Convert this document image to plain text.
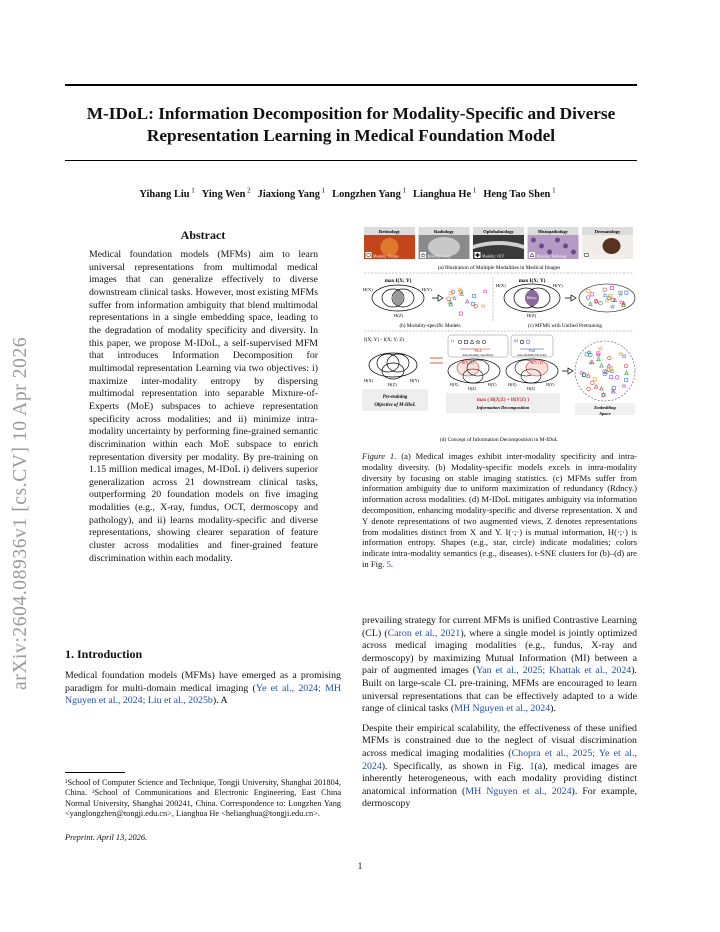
arXiv:2604.08936v1 [cs.CV] 10 Apr 2026
M-IDoL: Information Decomposition for Modality-Specific and Diverse
Representation Learning in Medical Foundation Model
Yihang Liu $^1$ Ying Wen $^2$ Jiaxiong Yang $^1$ Longzhen Yang $^1$ Lianghua He $^1$ Heng Tao Shen $^1$
Abstract

Medical foundation models (MFMs) aim to learn universal representations from multimodal medical images that can generalize effectively to diverse downstream clinical tasks. However, most existing MFMs suffer from information ambiguity that blend multimodal representations in a single embedding space, leading to the degradation of modality specificity and diversity. In this paper, we propose M-IDoL, a self-supervised MFM that introduces Information Decomposition for multimodal representation Learning via two objectives: i) maximize inter-modality entropy by dispersing multimodal representation into separable Mixture-of-Experts (MoE) subspaces to achieve representation specificity across modalities; and ii) minimize intra-modality uncertainty by performing fine-grained semantic discrimination within each MoE subspace to enrich representation diversity per modality. By pre-training on 1.15 million medical images, M-IDoL i) delivers superior generalization across 21 downstream clinical tasks, outperforming 20 foundation models on five imaging modalities (e.g., X-ray, fundus, OCT, dermoscopy and pathology), and ii) learns modality-specific and diverse representations, showing clearer separation of feature cluster across modalities and finer-grained feature discrimination within each modality.

1. Introduction

Medical foundation models (MFMs) have emerged as a promising paradigm for multi-domain medical imaging (Ye et al., 2024; MH Nguyen et al., 2024; Liu et al., 2025b). A

¹School of Computer Science and Technique, Tongji University, Shanghai 201804, China. ²School of Communications and Electronic Engineering, East China Normal University, Shanghai 200241, China. Correspondence to: Longzhen Yang <yanglongzhen@tongji.edu.cn>, Lianghua He <helianghua@tongji.edu.cn>.
Preprint. April 13, 2026.
1
Retinology
Modality: Fundus
Radiology
Modality: X-ray
Ophthalmology
Modality: OCT
Histopathology
Modality: Pathology
Dermatology
Modality: Dermoscopy
(a) Illustration of Multiple Modalities in Medical Images
max I(X; Y)
H(X)	H(Y)
H(Z)
max I(X; Y)
Rdncy.
H(X)	H(Y)
H(Z)
(b) Modality-specific Models	(c) MFMS with Unified Pretraining
I(X; Y) - I(X; Y; Z)
H(X)	H(Y)
H(Z)
Pre-training
Objective of M-IDoL
i)
Push
inter-modality Specificity
ii)
Pull
intra-modality Diversity
H(X | Z)	H(Y | Z)
H(X)	H(Y)
H(Z)
H(X)	H(Y)
H(Z)
max ( H(X|Z) + H(Y|Z) )
Information Decomposition	Embedding
Space
(d) Concept of Information Decomposition in M-IDoL
Figure 1. (a) Medical images exhibit inter-modality specificity and intra-modality diversity. (b) Modality-specific models excels in intra-modality diversity by focusing on stable imaging statistics. (c) MFMs suffer from information ambiguity due to uniform maximization of redundancy (Rdncy.) information across modalities. (d) M-IDoL mitigates ambiguity via information decomposition, enhancing modality-specific and diverse representation. X and Y denote representations of two augmented views, Z denotes representations from modalities distinct from X and Y. I(·;·) is mutual information, H(·;·) is information entropy. Shapes (e.g., star, circle) indicate modalities; colors indicate intra-modality semantics (e.g., diseases). t-SNE clusters for (b)–(d) are in Fig. 5.

prevailing strategy for current MFMs is unified Contrastive Learning (CL) (Caron et al., 2021), where a single model is jointly optimized across medical imaging modalities (e.g., fundus, X-ray and dermoscopy) by maximizing Mutual Information (MI) between a pair of augmented images (Yan et al., 2025; Khattak et al., 2024). Built on large-scale CL pre-training, MFMs are encouraged to learn universal representations that can be effectively adapted to a wide range of clinical tasks (MH Nguyen et al., 2024).

Despite their empirical scalability, the effectiveness of these unified MFMs is constrained due to the neglect of visual discrimination across medical imaging modalities (Chopra et al., 2025; Ye et al., 2024). Specifically, as shown in Fig. 1(a), medical images are inherently heterogeneous, with each modality providing distinct anatomical information (MH Nguyen et al., 2024). For example, dermoscopy
